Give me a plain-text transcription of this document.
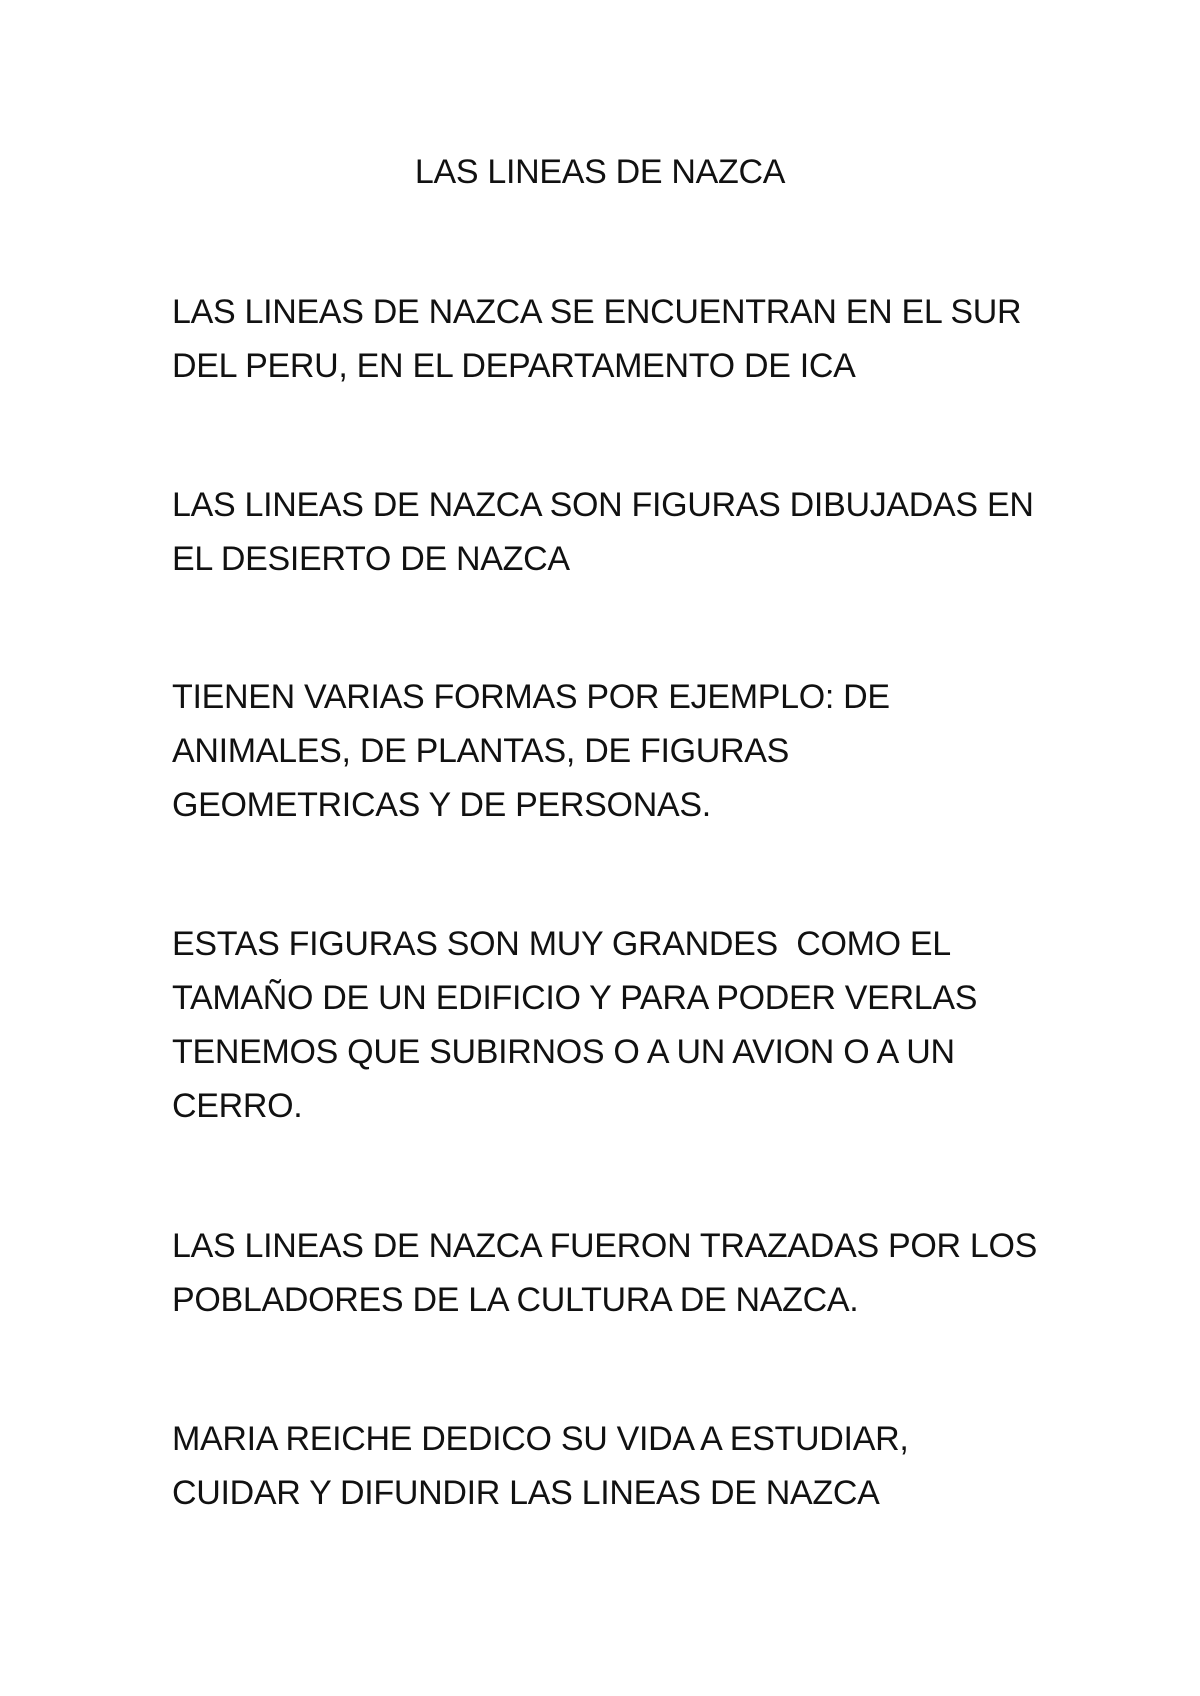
LAS LINEAS DE NAZCA

LAS LINEAS DE NAZCA SE ENCUENTRAN EN EL SUR
DEL PERU, EN EL DEPARTAMENTO DE ICA

LAS LINEAS DE NAZCA SON FIGURAS DIBUJADAS EN
EL DESIERTO DE NAZCA

TIENEN VARIAS FORMAS POR EJEMPLO: DE
ANIMALES, DE PLANTAS, DE FIGURAS
GEOMETRICAS Y DE PERSONAS.

ESTAS FIGURAS SON MUY GRANDES  COMO EL
TAMAÑO DE UN EDIFICIO Y PARA PODER VERLAS
TENEMOS QUE SUBIRNOS O A UN AVION O A UN
CERRO.

LAS LINEAS DE NAZCA FUERON TRAZADAS POR LOS
POBLADORES DE LA CULTURA DE NAZCA.

MARIA REICHE DEDICO SU VIDA A ESTUDIAR,
CUIDAR Y DIFUNDIR LAS LINEAS DE NAZCA
